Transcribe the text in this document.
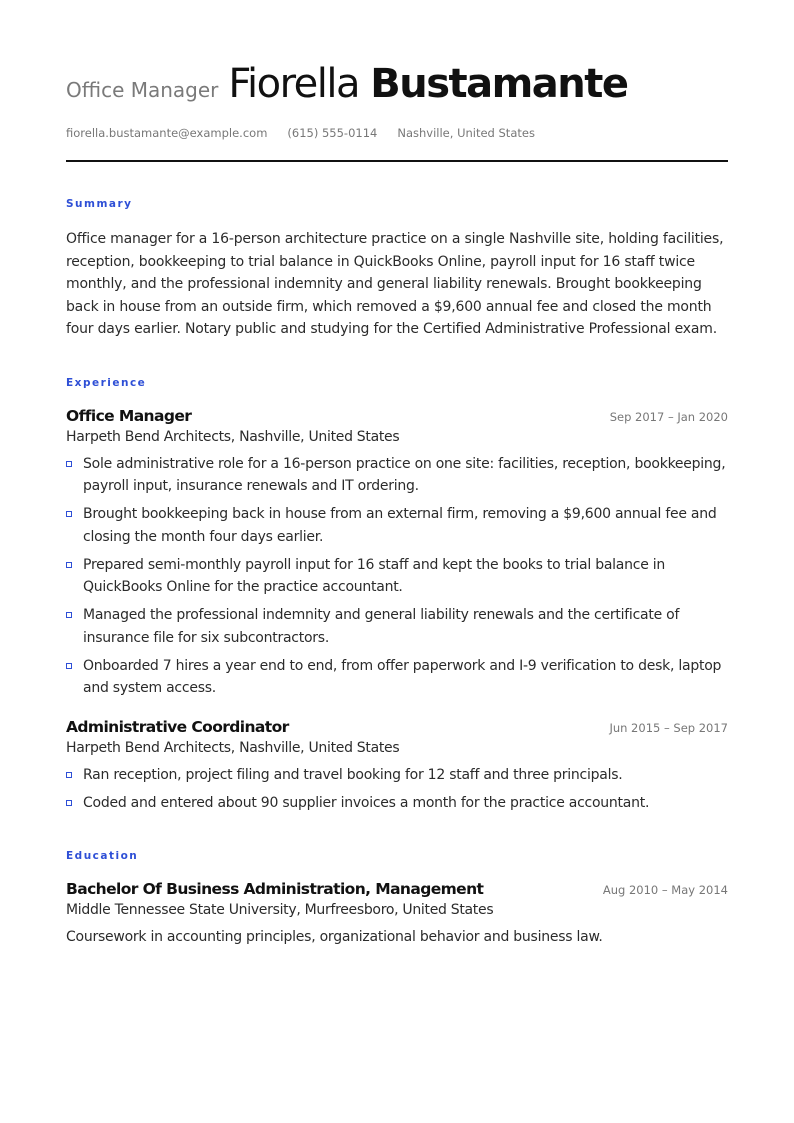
Office Manager Fiorella Bustamante
fiorella.bustamante@example.com (615) 555-0114 Nashville, United States
Summary
Office manager for a 16-person architecture practice on a single Nashville site, holding facilities, reception, bookkeeping to trial balance in QuickBooks Online, payroll input for 16 staff twice monthly, and the professional indemnity and general liability renewals. Brought bookkeeping back in house from an outside firm, which removed a $9,600 annual fee and closed the month four days earlier. Notary public and studying for the Certified Administrative Professional exam.
Experience
Office Manager	Sep 2017 – Jan 2020
Harpeth Bend Architects, Nashville, United States
Sole administrative role for a 16-person practice on one site: facilities, reception, bookkeeping, payroll input, insurance renewals and IT ordering.
Brought bookkeeping back in house from an external firm, removing a $9,600 annual fee and closing the month four days earlier.
Prepared semi-monthly payroll input for 16 staff and kept the books to trial balance in QuickBooks Online for the practice accountant.
Managed the professional indemnity and general liability renewals and the certificate of insurance file for six subcontractors.
Onboarded 7 hires a year end to end, from offer paperwork and I-9 verification to desk, laptop and system access.
Administrative Coordinator	Jun 2015 – Sep 2017
Harpeth Bend Architects, Nashville, United States
Ran reception, project filing and travel booking for 12 staff and three principals.
Coded and entered about 90 supplier invoices a month for the practice accountant.
Education
Bachelor Of Business Administration, Management	Aug 2010 – May 2014
Middle Tennessee State University, Murfreesboro, United States
Coursework in accounting principles, organizational behavior and business law.
